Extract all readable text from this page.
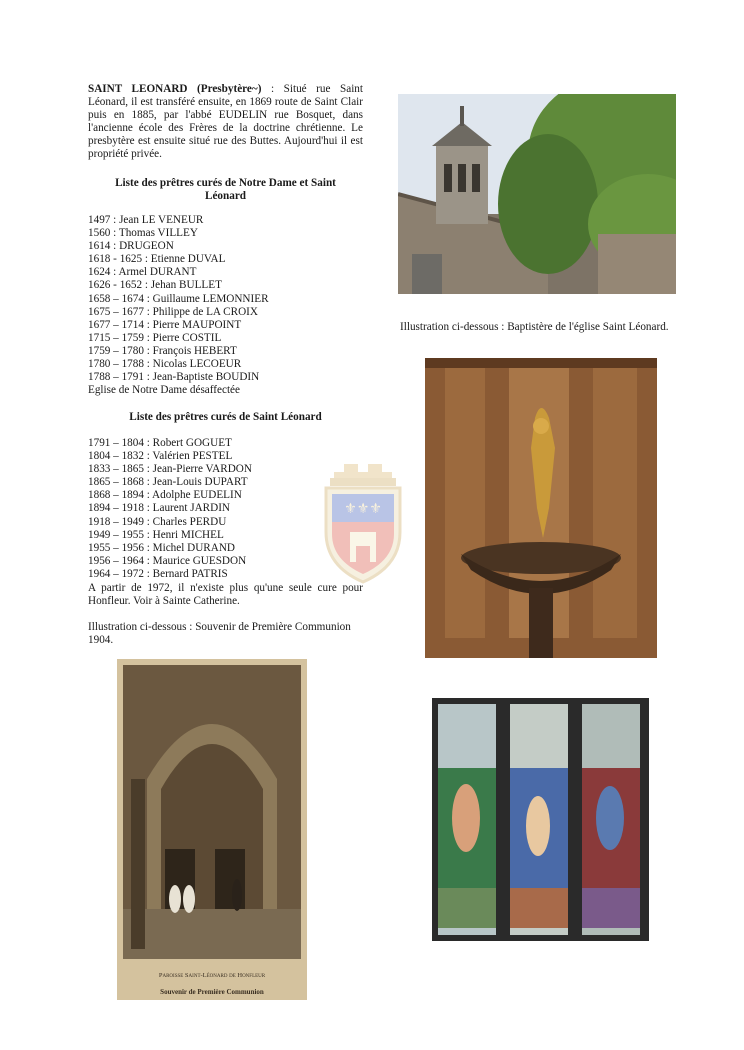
SAINT LEONARD (Presbytère~) : Situé rue Saint Léonard, il est transféré ensuite, en 1869 route de Saint Clair puis en 1885, par l'abbé EUDELIN rue Bosquet, dans l'ancienne école des Frères de la doctrine chrétienne. Le presbytère est ensuite situé rue des Buttes. Aujourd'hui il est propriété privée.
Liste des prêtres curés de Notre Dame et Saint Léonard
1497 : Jean LE VENEUR
1560 : Thomas VILLEY
1614 : DRUGEON
1618 - 1625 : Etienne DUVAL
1624 : Armel DURANT
1626 - 1652 : Jehan BULLET
1658 – 1674 : Guillaume LEMONNIER
1675 – 1677 : Philippe de LA CROIX
1677 – 1714 : Pierre MAUPOINT
1715 – 1759 : Pierre COSTIL
1759 – 1780 : François HEBERT
1780 – 1788 : Nicolas LECOEUR
1788 – 1791 : Jean-Baptiste BOUDIN
Eglise de Notre Dame désaffectée
Liste des prêtres curés de Saint Léonard
1791 – 1804 : Robert GOGUET
1804 – 1832 : Valérien PESTEL
1833 – 1865 : Jean-Pierre VARDON
1865 – 1868 : Jean-Louis DUPART
1868 – 1894 : Adolphe EUDELIN
1894 – 1918 : Laurent JARDIN
1918 – 1949 : Charles PERDU
1949 – 1955 : Henri MICHEL
1955 – 1956 : Michel DURAND
1956 – 1964 : Maurice GUESDON
1964 – 1972 : Bernard PATRIS
A partir de 1972, il n'existe plus qu'une seule cure pour Honfleur. Voir à Sainte Catherine.
Illustration ci-dessous : Souvenir de Première Communion 1904.
Illustration ci-dessous : Baptistère de l'église Saint Léonard.
⚜⚜⚜
Paroisse Saint-Léonard de Honfleur
Souvenir de Première Communion
